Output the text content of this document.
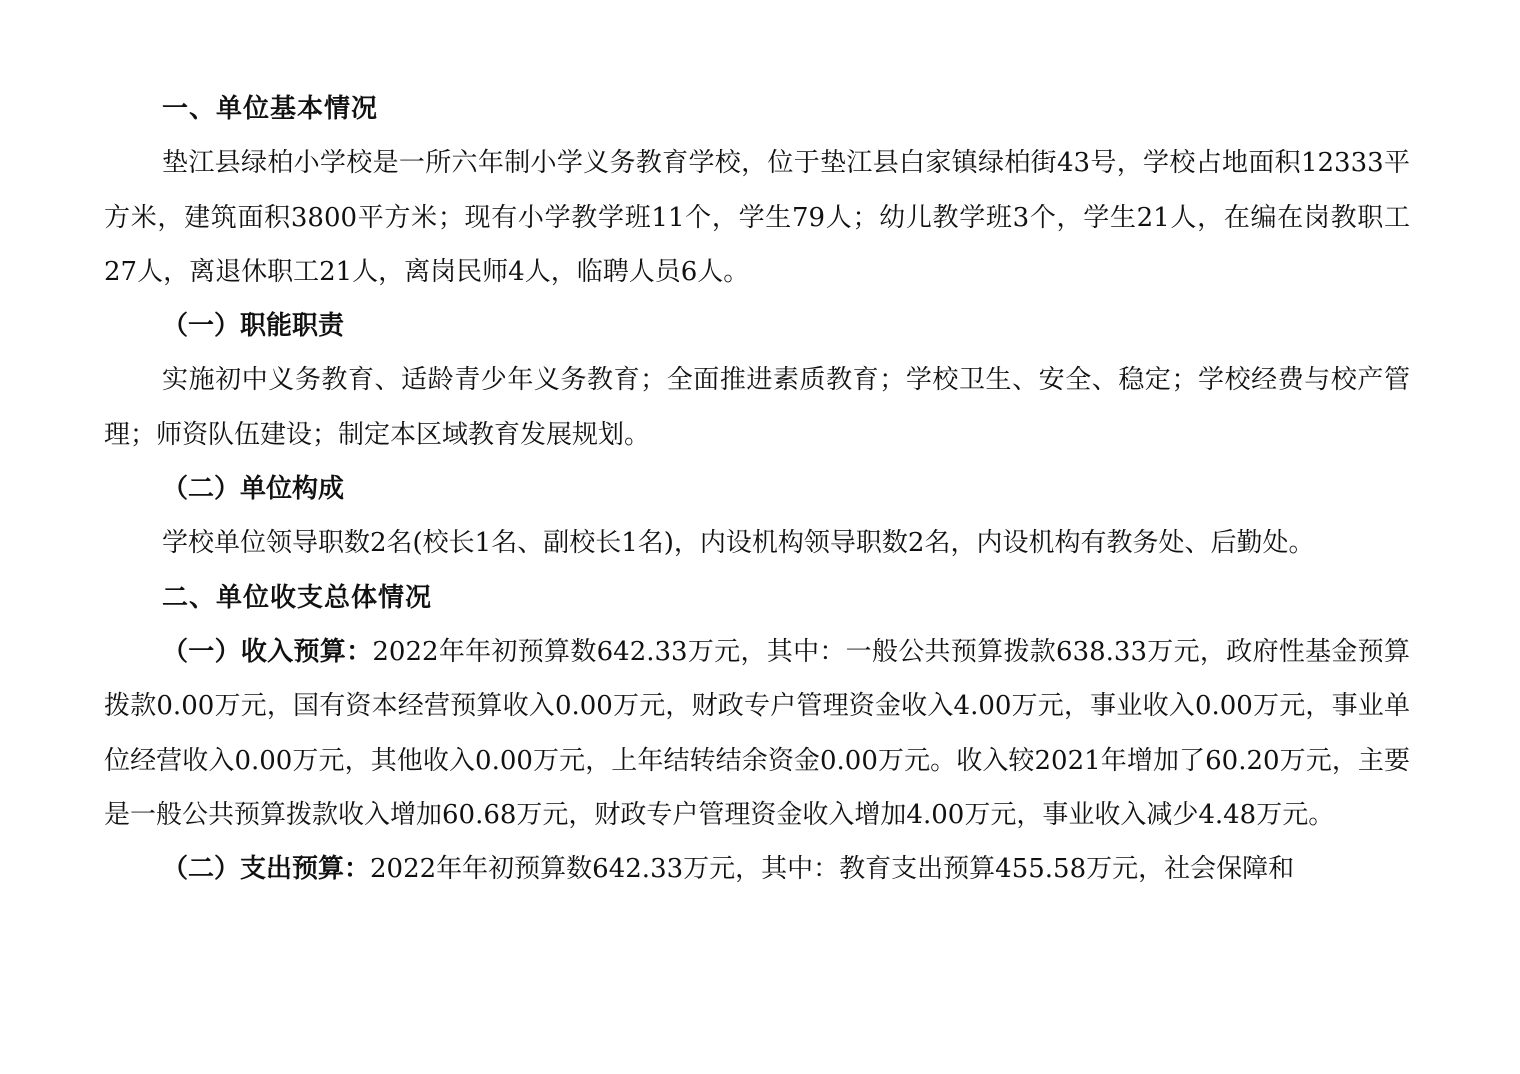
一、单位基本情况

垫江县绿柏小学校是一所六年制小学义务教育学校，位于垫江县白家镇绿柏街43号，学校占地面积12333平方米，建筑面积3800平方米；现有小学教学班11个，学生79人；幼儿教学班3个，学生21人，在编在岗教职工27人，离退休职工21人，离岗民师4人，临聘人员6人。

（一）职能职责

实施初中义务教育、适龄青少年义务教育；全面推进素质教育；学校卫生、安全、稳定；学校经费与校产管理；师资队伍建设；制定本区域教育发展规划。

（二）单位构成

学校单位领导职数2名(校长1名、副校长1名)，内设机构领导职数2名，内设机构有教务处、后勤处。

二、单位收支总体情况

（一）收入预算：2022年年初预算数642.33万元，其中：一般公共预算拨款638.33万元，政府性基金预算拨款0.00万元，国有资本经营预算收入0.00万元，财政专户管理资金收入4.00万元，事业收入0.00万元，事业单位经营收入0.00万元，其他收入0.00万元，上年结转结余资金0.00万元。收入较2021年增加了60.20万元，主要是一般公共预算拨款收入增加60.68万元，财政专户管理资金收入增加4.00万元，事业收入减少4.48万元。

（二）支出预算：2022年年初预算数642.33万元，其中：教育支出预算455.58万元，社会保障和
